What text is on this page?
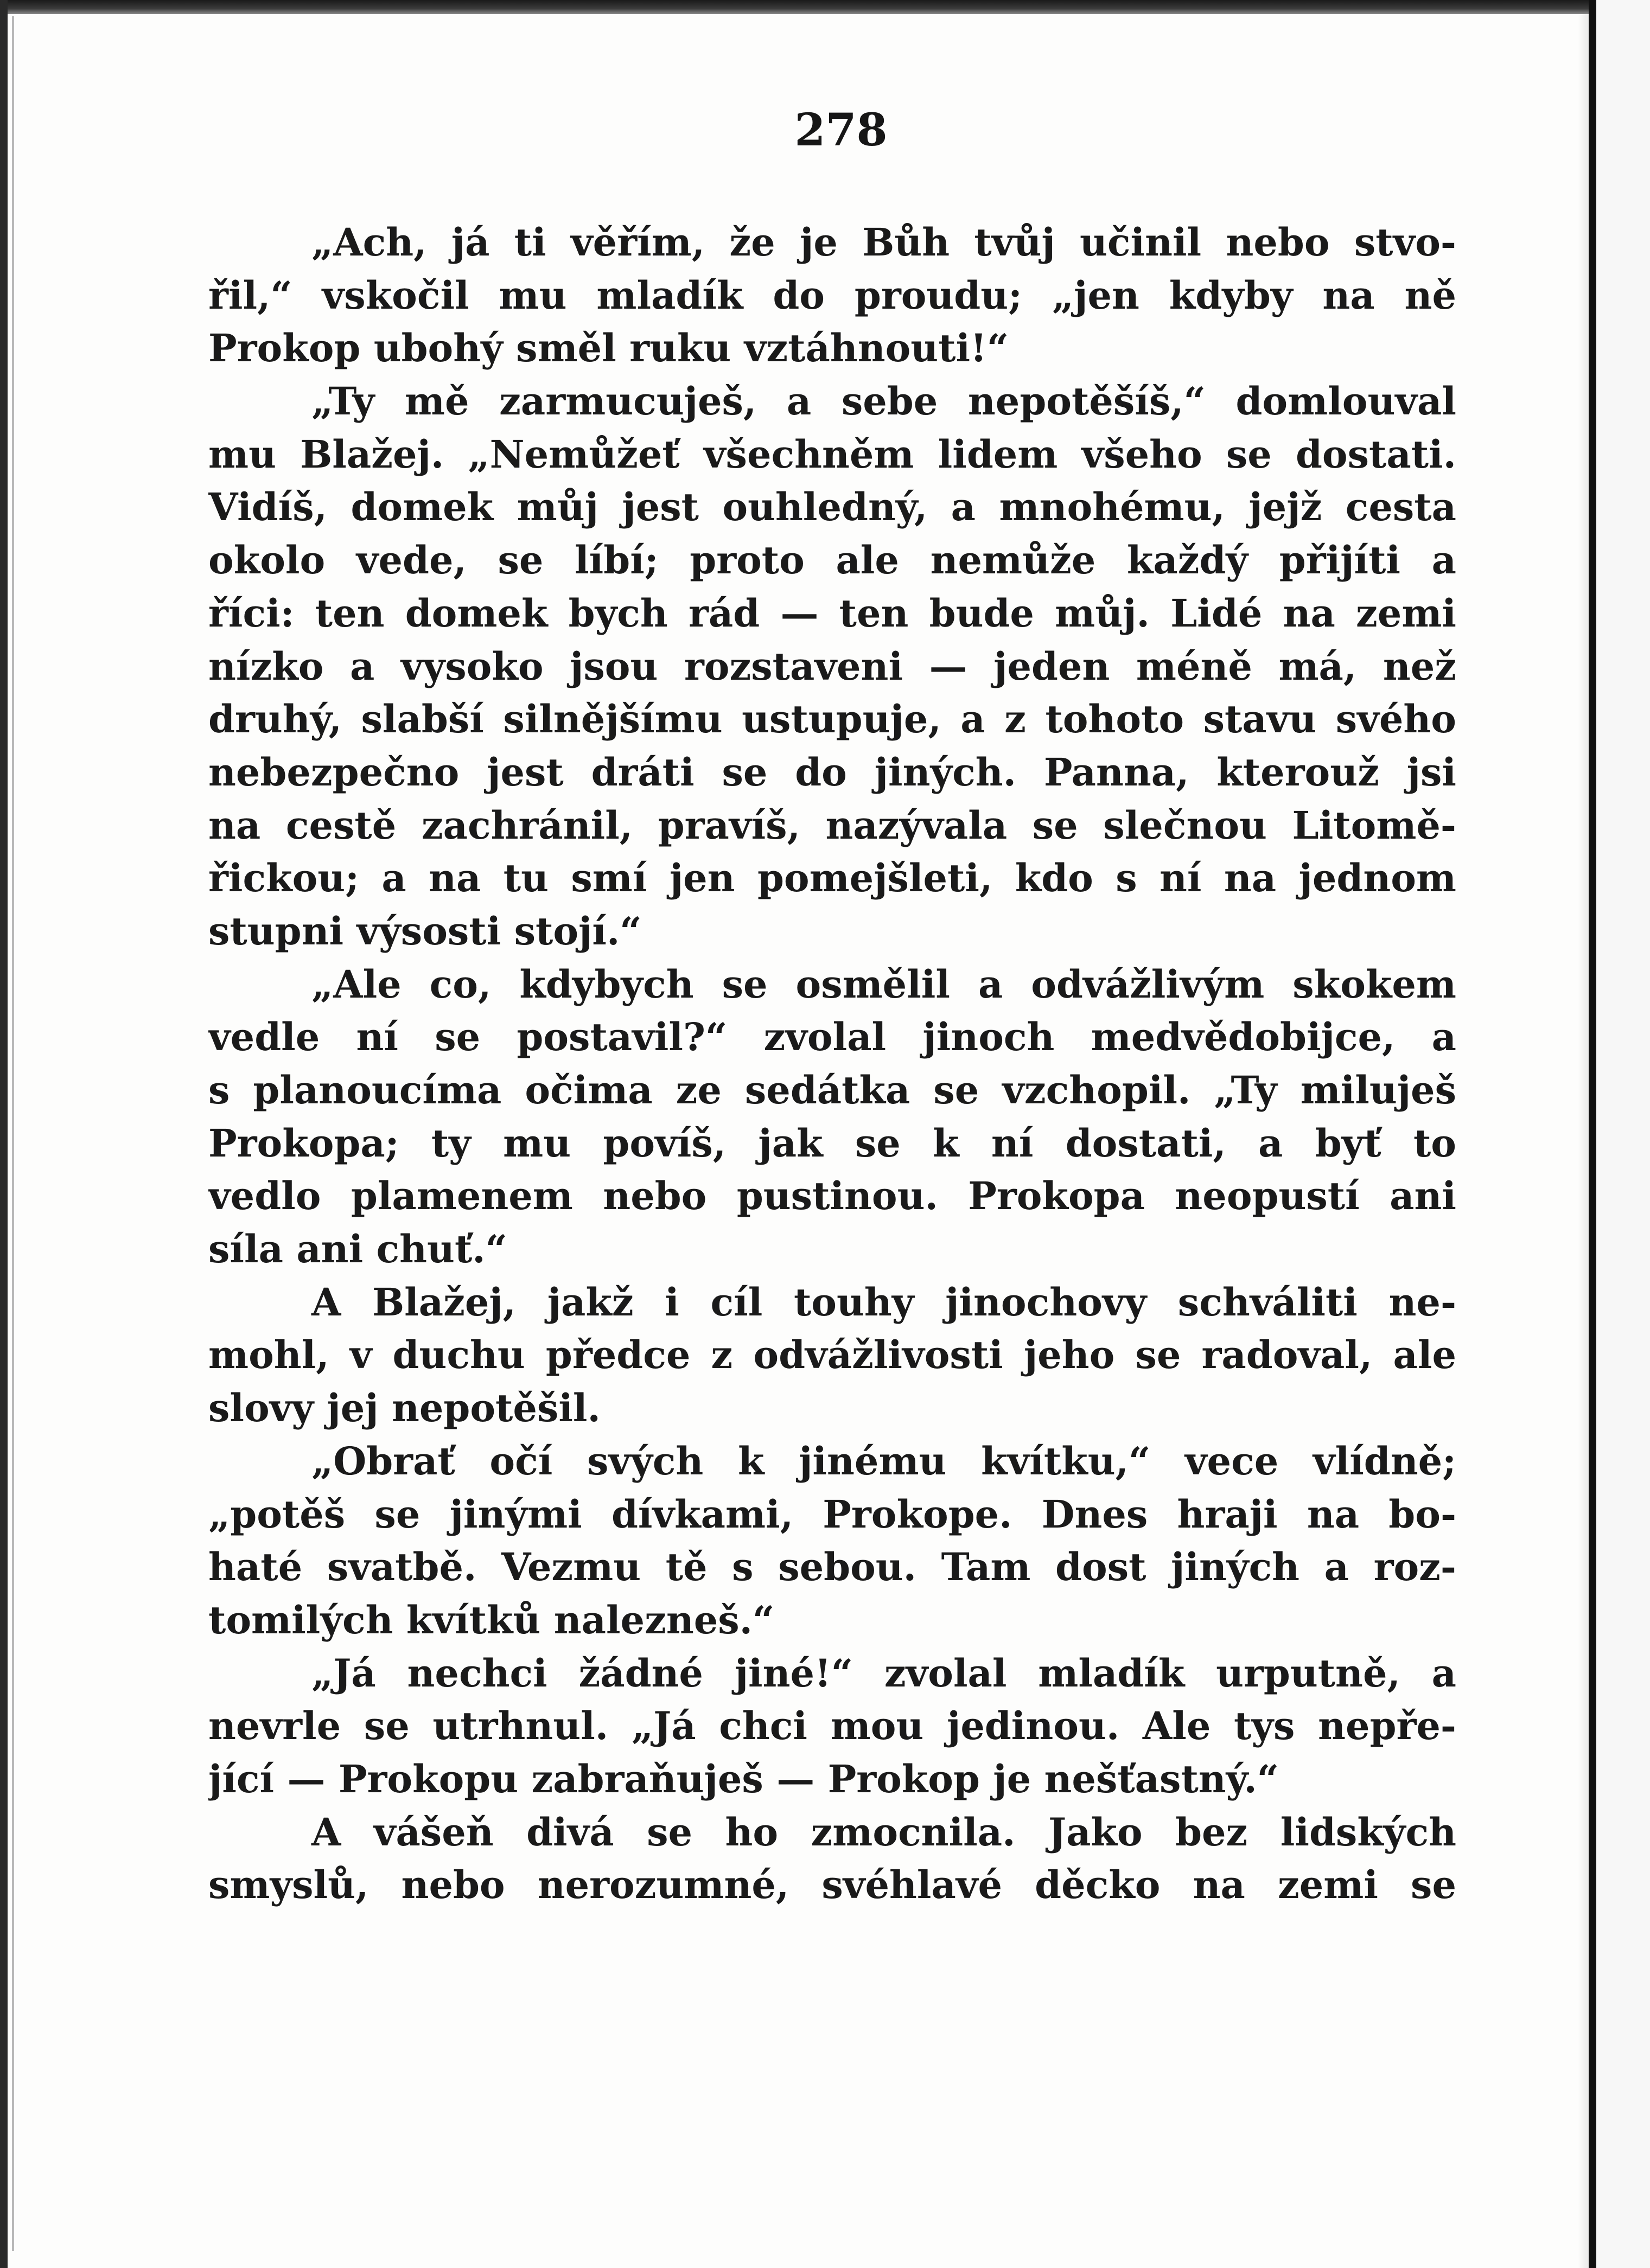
278
„Ach, já ti věřím, že je Bůh tvůj učinil nebo stvo-
řil,“ vskočil mu mladík do proudu; „jen kdyby na ně
Prokop ubohý směl ruku vztáhnouti!“
„Ty mě zarmucuješ, a sebe nepotěšíš,“ domlouval
mu Blažej. „Nemůžeť všechněm lidem všeho se dostati.
Vidíš, domek můj jest ouhledný, a mnohému, jejž cesta
okolo vede, se líbí; proto ale nemůže každý přijíti a
říci: ten domek bych rád — ten bude můj. Lidé na zemi
nízko a vysoko jsou rozstaveni — jeden méně má, než
druhý, slabší silnějšímu ustupuje, a z tohoto stavu svého
nebezpečno jest dráti se do jiných. Panna, kterouž jsi
na cestě zachránil, pravíš, nazývala se slečnou Litomě-
řickou; a na tu smí jen pomejšleti, kdo s ní na jednom
stupni výsosti stojí.“
„Ale co, kdybych se osmělil a odvážlivým skokem
vedle ní se postavil?“ zvolal jinoch medvědobijce, a
s planoucíma očima ze sedátka se vzchopil. „Ty miluješ
Prokopa; ty mu povíš, jak se k ní dostati, a byť to
vedlo plamenem nebo pustinou. Prokopa neopustí ani
síla ani chuť.“
A Blažej, jakž i cíl touhy jinochovy schváliti ne-
mohl, v duchu předce z odvážlivosti jeho se radoval, ale
slovy jej nepotěšil.
„Obrať očí svých k jinému kvítku,“ vece vlídně;
„potěš se jinými dívkami, Prokope. Dnes hraji na bo-
haté svatbě. Vezmu tě s sebou. Tam dost jiných a roz-
tomilých kvítků nalezneš.“
„Já nechci žádné jiné!“ zvolal mladík urputně, a
nevrle se utrhnul. „Já chci mou jedinou. Ale tys nepře-
jící — Prokopu zabraňuješ — Prokop je nešťastný.“
A vášeň divá se ho zmocnila. Jako bez lidských
smyslů, nebo nerozumné, svéhlavé děcko na zemi se
